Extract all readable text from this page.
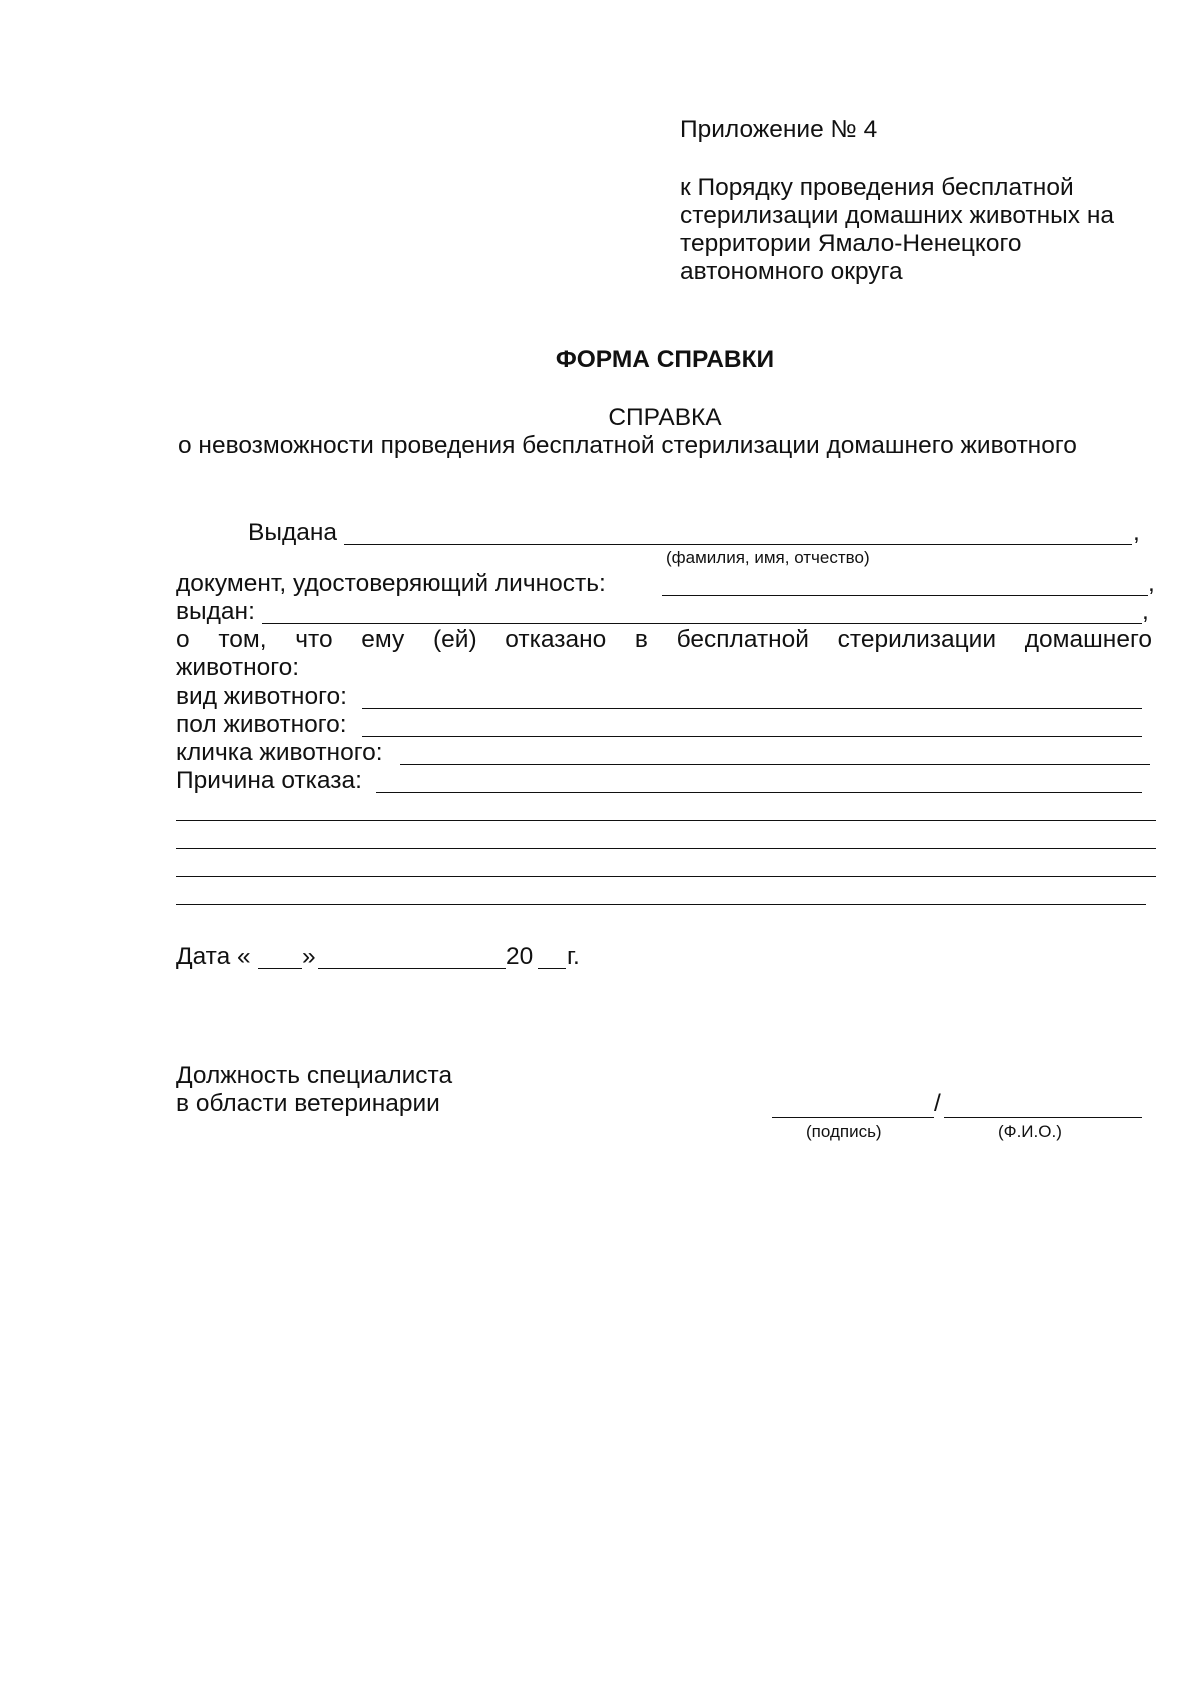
Приложение № 4

к Порядку проведения бесплатной

стерилизации домашних животных на

территории Ямало-Ненецкого

автономного округа

ФОРМА СПРАВКИ

СПРАВКА

о невозможности проведения бесплатной стерилизации домашнего животного

Выдана	,

(фамилия, имя, отчество)

документ, удостоверяющий личность:	,

выдан:	,

о том, что ему (ей) отказано в бесплатной стерилизации домашнего

животного:

вид животного:

пол животного:

кличка животного:

Причина отказа:

Дата « »	20 г.

Должность специалиста

в области ветеринарии	/

(подпись)	(Ф.И.О.)
